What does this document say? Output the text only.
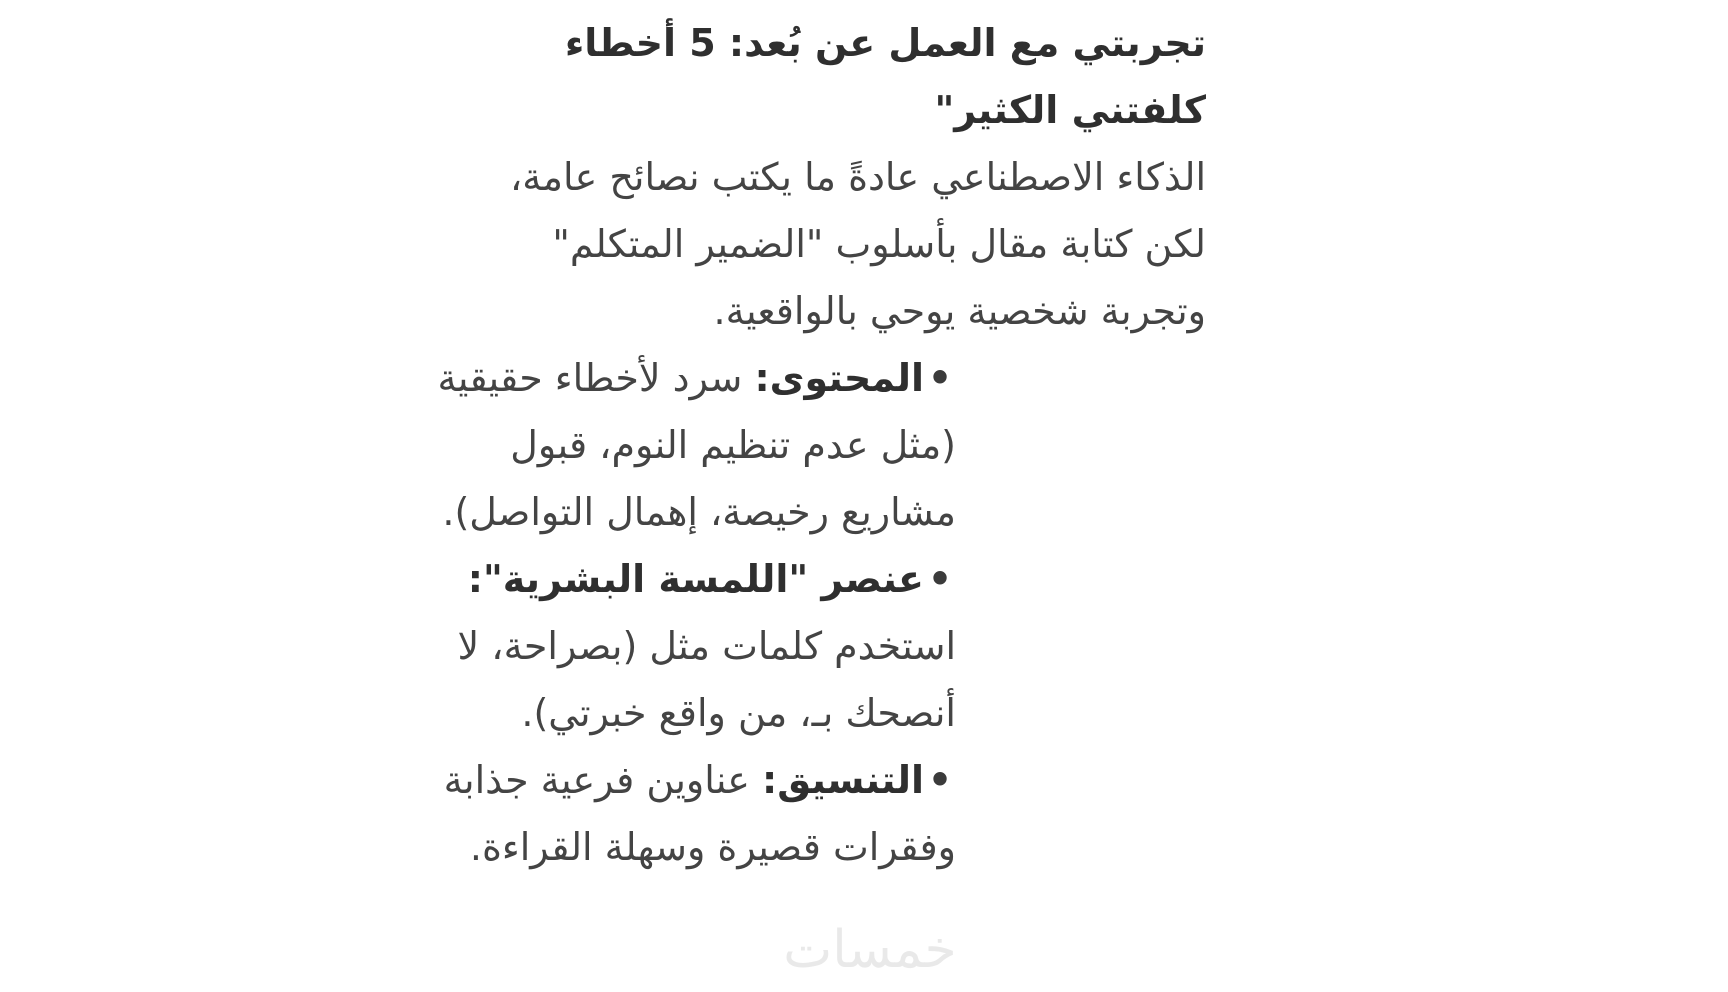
تجربتي مع العمل عن بُعد: 5 أخطاء كلفتني الكثير"

الذكاء الاصطناعي عادةً ما يكتب نصائح عامة، لكن كتابة مقال بأسلوب "الضمير المتكلم" وتجربة شخصية يوحي بالواقعية.

•المحتوى: سرد لأخطاء حقيقية (مثل عدم تنظيم النوم، قبول مشاريع رخيصة، إهمال التواصل).
•عنصر "اللمسة البشرية": استخدم كلمات مثل (بصراحة، لا أنصحك بـ، من واقع خبرتي).
•التنسيق: عناوين فرعية جذابة وفقرات قصيرة وسهلة القراءة.
خمسات
